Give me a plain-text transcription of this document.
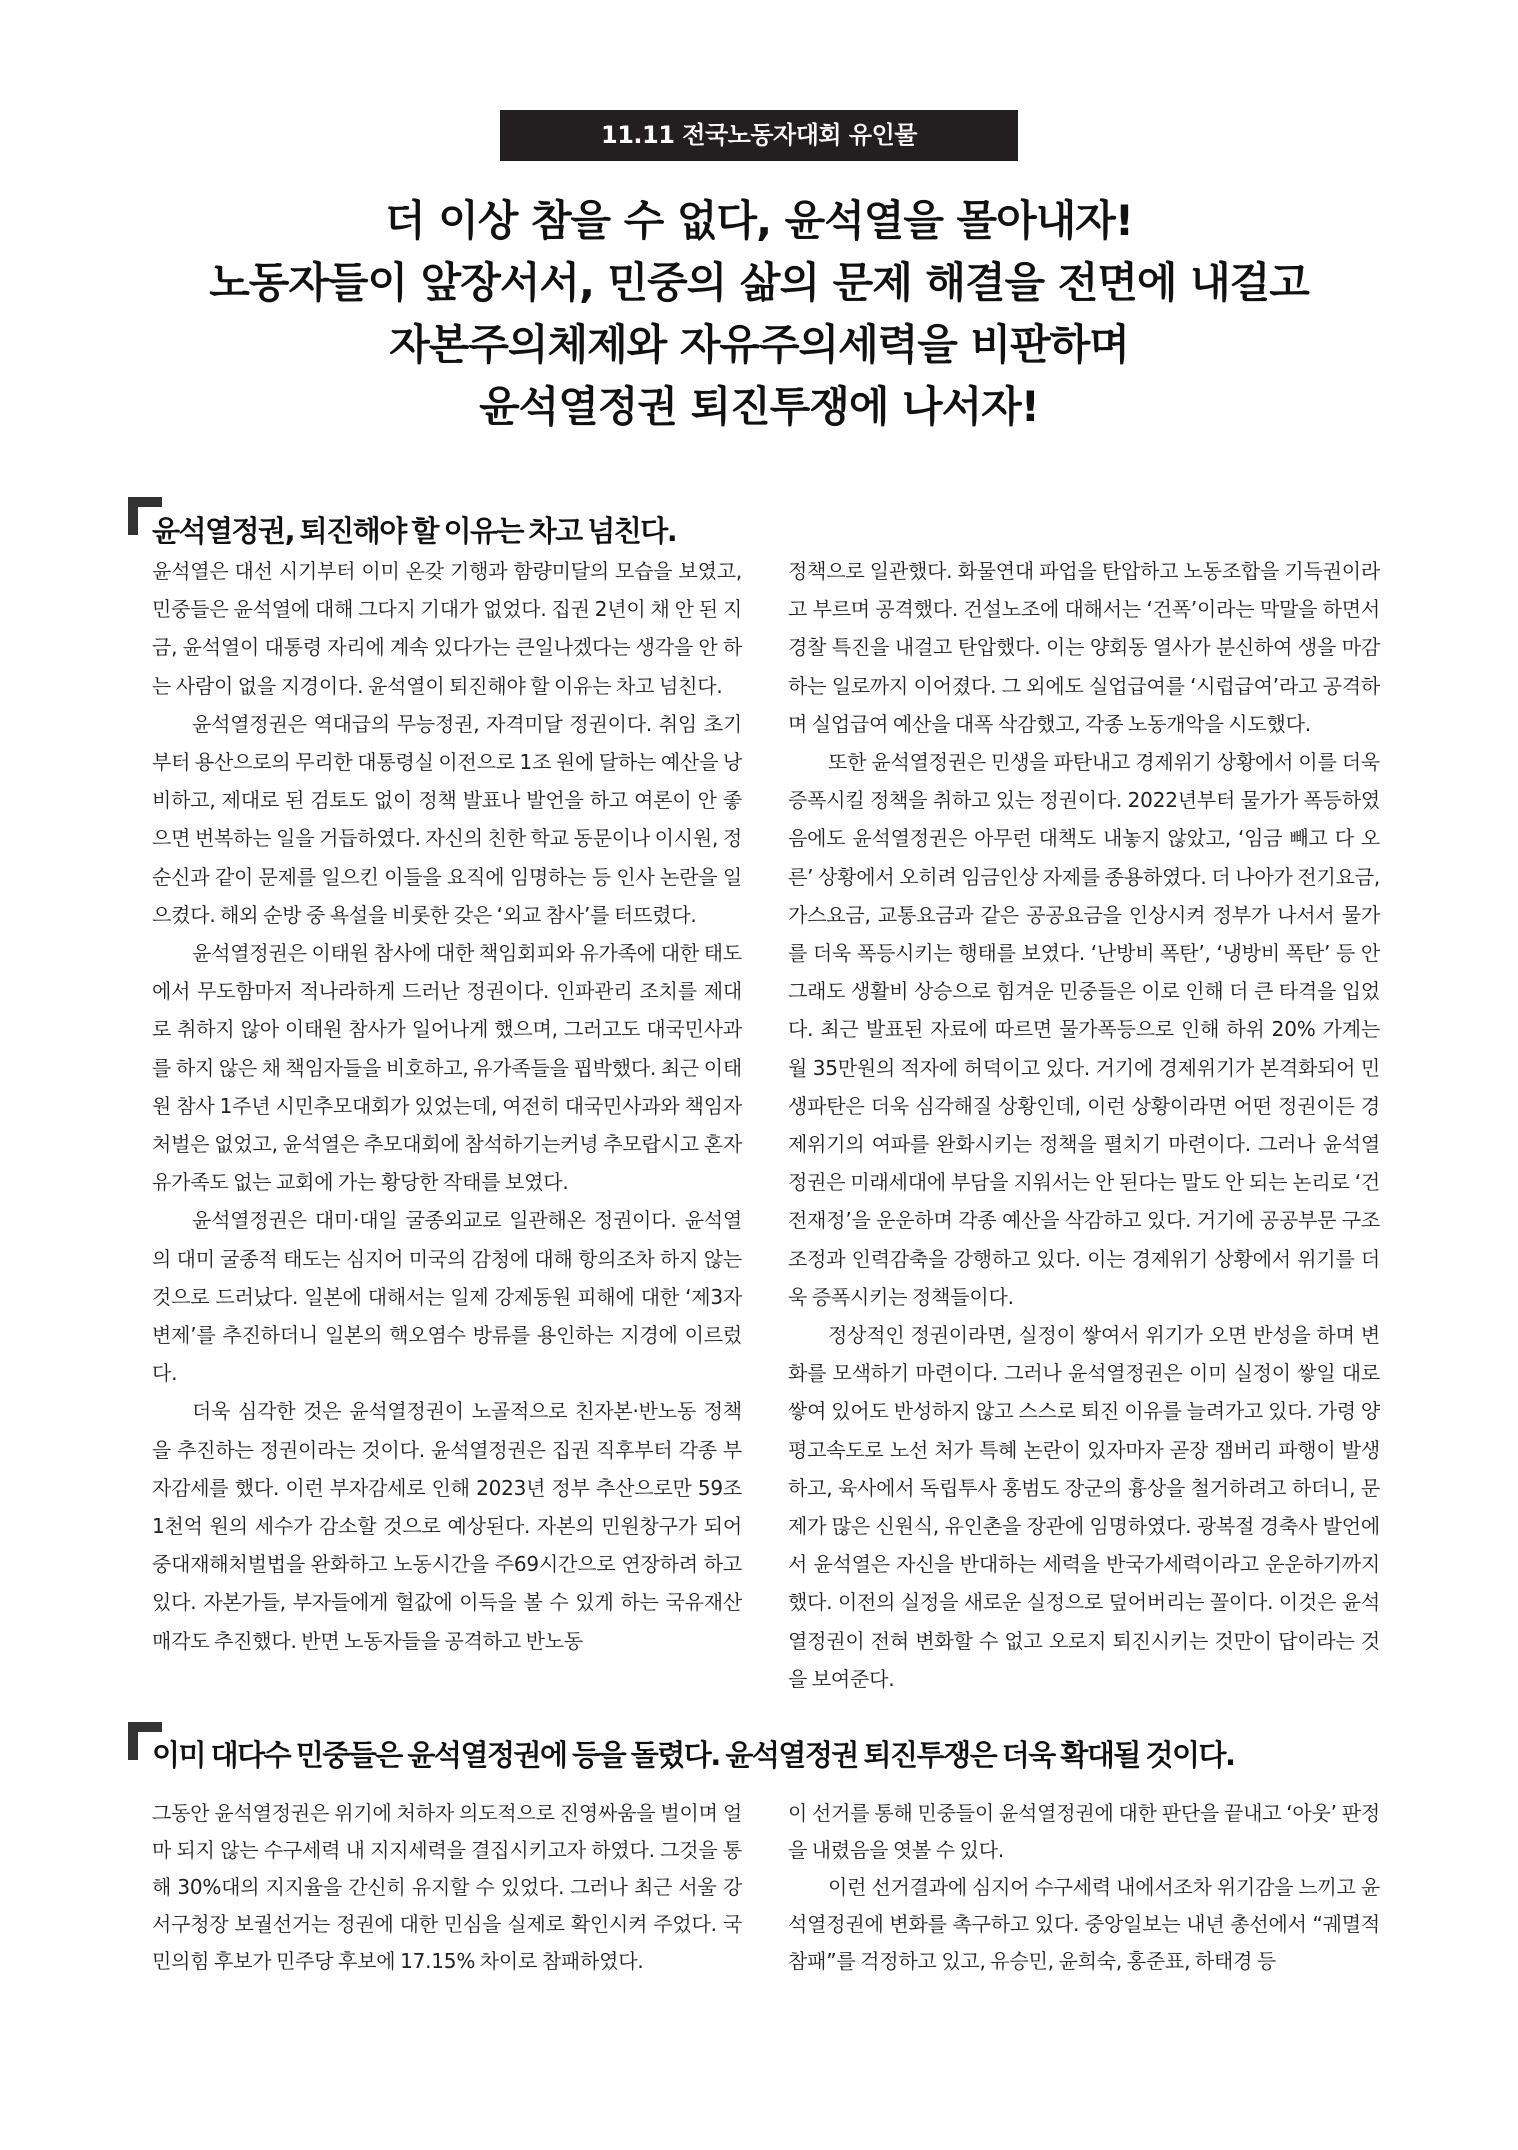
11.11 전국노동자대회 유인물
더 이상 참을 수 없다, 윤석열을 몰아내자!
노동자들이 앞장서서, 민중의 삶의 문제 해결을 전면에 내걸고
자본주의체제와 자유주의세력을 비판하며
윤석열정권 퇴진투쟁에 나서자!
윤석열정권, 퇴진해야 할 이유는 차고 넘친다.

윤석열은 대선 시기부터 이미 온갖 기행과 함량미달의 모습을 보였고, 민중들은 윤석열에 대해 그다지 기대가 없었다. 집권 2년이 채 안 된 지금, 윤석열이 대통령 자리에 계속 있다가는 큰일나겠다는 생각을 안 하는 사람이 없을 지경이다. 윤석열이 퇴진해야 할 이유는 차고 넘친다.

윤석열정권은 역대급의 무능정권, 자격미달 정권이다. 취임 초기부터 용산으로의 무리한 대통령실 이전으로 1조 원에 달하는 예산을 낭비하고, 제대로 된 검토도 없이 정책 발표나 발언을 하고 여론이 안 좋으면 번복하는 일을 거듭하였다. 자신의 친한 학교 동문이나 이시원, 정순신과 같이 문제를 일으킨 이들을 요직에 임명하는 등 인사 논란을 일으켰다. 해외 순방 중 욕설을 비롯한 갖은 ‘외교 참사’를 터뜨렸다.

윤석열정권은 이태원 참사에 대한 책임회피와 유가족에 대한 태도에서 무도함마저 적나라하게 드러난 정권이다. 인파관리 조치를 제대로 취하지 않아 이태원 참사가 일어나게 했으며, 그러고도 대국민사과를 하지 않은 채 책임자들을 비호하고, 유가족들을 핍박했다. 최근 이태원 참사 1주년 시민추모대회가 있었는데, 여전히 대국민사과와 책임자 처벌은 없었고, 윤석열은 추모대회에 참석하기는커녕 추모랍시고 혼자 유가족도 없는 교회에 가는 황당한 작태를 보였다.

윤석열정권은 대미·대일 굴종외교로 일관해온 정권이다. 윤석열의 대미 굴종적 태도는 심지어 미국의 감청에 대해 항의조차 하지 않는 것으로 드러났다. 일본에 대해서는 일제 강제동원 피해에 대한 ‘제3자 변제’를 추진하더니 일본의 핵오염수 방류를 용인하는 지경에 이르렀다.

더욱 심각한 것은 윤석열정권이 노골적으로 친자본·반노동 정책을 추진하는 정권이라는 것이다. 윤석열정권은 집권 직후부터 각종 부자감세를 했다. 이런 부자감세로 인해 2023년 정부 추산으로만 59조 1천억 원의 세수가 감소할 것으로 예상된다. 자본의 민원창구가 되어 중대재해처벌법을 완화하고 노동시간을 주69시간으로 연장하려 하고 있다. 자본가들, 부자들에게 헐값에 이득을 볼 수 있게 하는 국유재산 매각도 추진했다. 반면 노동자들을 공격하고 반노동

정책으로 일관했다. 화물연대 파업을 탄압하고 노동조합을 기득권이라고 부르며 공격했다. 건설노조에 대해서는 ‘건폭’이라는 막말을 하면서 경찰 특진을 내걸고 탄압했다. 이는 양회동 열사가 분신하여 생을 마감하는 일로까지 이어졌다. 그 외에도 실업급여를 ‘시럽급여’라고 공격하며 실업급여 예산을 대폭 삭감했고, 각종 노동개악을 시도했다.

또한 윤석열정권은 민생을 파탄내고 경제위기 상황에서 이를 더욱 증폭시킬 정책을 취하고 있는 정권이다. 2022년부터 물가가 폭등하였음에도 윤석열정권은 아무런 대책도 내놓지 않았고, ‘임금 빼고 다 오른’ 상황에서 오히려 임금인상 자제를 종용하였다. 더 나아가 전기요금, 가스요금, 교통요금과 같은 공공요금을 인상시켜 정부가 나서서 물가를 더욱 폭등시키는 행태를 보였다. ‘난방비 폭탄’, ‘냉방비 폭탄’ 등 안 그래도 생활비 상승으로 힘겨운 민중들은 이로 인해 더 큰 타격을 입었다. 최근 발표된 자료에 따르면 물가폭등으로 인해 하위 20% 가계는 월 35만원의 적자에 허덕이고 있다. 거기에 경제위기가 본격화되어 민생파탄은 더욱 심각해질 상황인데, 이런 상황이라면 어떤 정권이든 경제위기의 여파를 완화시키는 정책을 펼치기 마련이다. 그러나 윤석열정권은 미래세대에 부담을 지워서는 안 된다는 말도 안 되는 논리로 ‘건전재정’을 운운하며 각종 예산을 삭감하고 있다. 거기에 공공부문 구조조정과 인력감축을 강행하고 있다. 이는 경제위기 상황에서 위기를 더욱 증폭시키는 정책들이다.

정상적인 정권이라면, 실정이 쌓여서 위기가 오면 반성을 하며 변화를 모색하기 마련이다. 그러나 윤석열정권은 이미 실정이 쌓일 대로 쌓여 있어도 반성하지 않고 스스로 퇴진 이유를 늘려가고 있다. 가령 양평고속도로 노선 처가 특혜 논란이 있자마자 곧장 잼버리 파행이 발생하고, 육사에서 독립투사 홍범도 장군의 흉상을 철거하려고 하더니, 문제가 많은 신원식, 유인촌을 장관에 임명하였다. 광복절 경축사 발언에서 윤석열은 자신을 반대하는 세력을 반국가세력이라고 운운하기까지 했다. 이전의 실정을 새로운 실정으로 덮어버리는 꼴이다. 이것은 윤석열정권이 전혀 변화할 수 없고 오로지 퇴진시키는 것만이 답이라는 것을 보여준다.

이미 대다수 민중들은 윤석열정권에 등을 돌렸다. 윤석열정권 퇴진투쟁은 더욱 확대될 것이다.

그동안 윤석열정권은 위기에 처하자 의도적으로 진영싸움을 벌이며 얼마 되지 않는 수구세력 내 지지세력을 결집시키고자 하였다. 그것을 통해 30%대의 지지율을 간신히 유지할 수 있었다. 그러나 최근 서울 강서구청장 보궐선거는 정권에 대한 민심을 실제로 확인시켜 주었다. 국민의힘 후보가 민주당 후보에 17.15% 차이로 참패하였다.

이 선거를 통해 민중들이 윤석열정권에 대한 판단을 끝내고 ‘아웃’ 판정을 내렸음을 엿볼 수 있다.

이런 선거결과에 심지어 수구세력 내에서조차 위기감을 느끼고 윤석열정권에 변화를 촉구하고 있다. 중앙일보는 내년 총선에서 “궤멸적 참패”를 걱정하고 있고, 유승민, 윤희숙, 홍준표, 하태경 등
